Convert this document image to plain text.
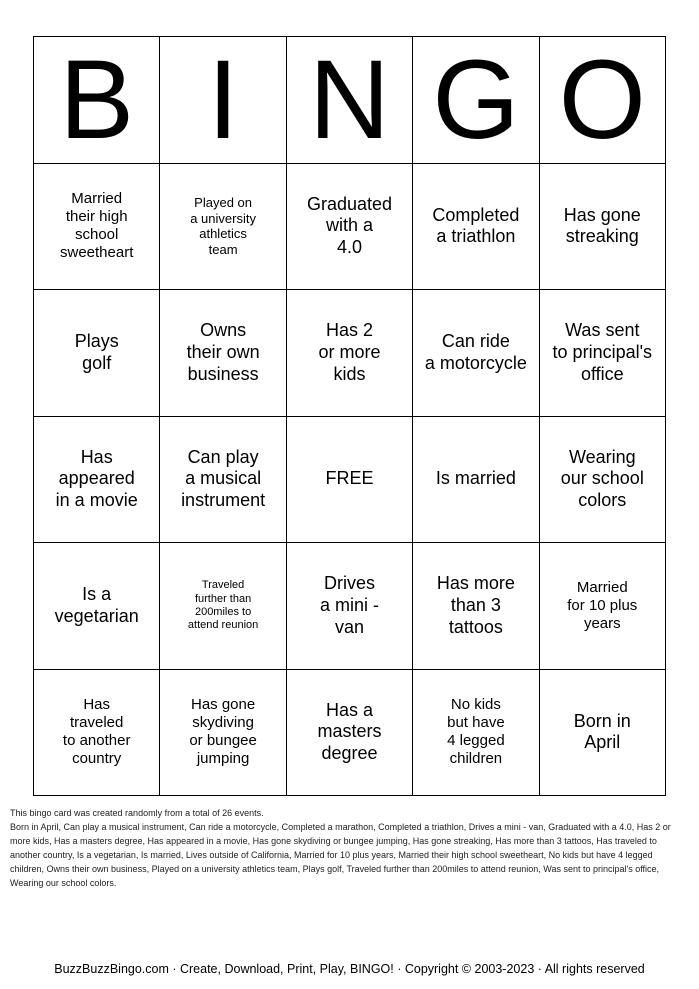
B I N G O
Married
their high
school
sweetheart
Played on
a university
athletics
team
Graduated
with a
4.0
Completed
a triathlon
Has gone
streaking
Plays
golf
Owns
their own
business
Has 2
or more
kids
Can ride
a motorcycle
Was sent
to principal's
office
Has
appeared
in a movie
Can play
a musical
instrument
FREE	Is married
Wearing
our school
colors
Is a
vegetarian
Traveled
further than
200miles to
attend reunion
Drives
a mini -
van
Has more
than 3
tattoos
Married
for 10 plus
years
Has
traveled
to another
country
Has gone
skydiving
or bungee
jumping
Has a
masters
degree
No kids
but have
4 legged
children
Born in
April

This bingo card was created randomly from a total of 26 events.

Born in April, Can play a musical instrument, Can ride a motorcycle, Completed a marathon, Completed a triathlon, Drives a mini - van, Graduated with a 4.0, Has 2 or more kids, Has a masters degree, Has appeared in a movie, Has gone skydiving or bungee jumping, Has gone streaking, Has more than 3 tattoos, Has traveled to another country, Is a vegetarian, Is married, Lives outside of California, Married for 10 plus years, Married their high school sweetheart, No kids but have 4 legged children, Owns their own business, Played on a university athletics team, Plays golf, Traveled further than 200miles to attend reunion, Was sent to principal's office, Wearing our school colors.

BuzzBuzzBingo.com · Create, Download, Print, Play, BINGO! · Copyright © 2003-2023 · All rights reserved
